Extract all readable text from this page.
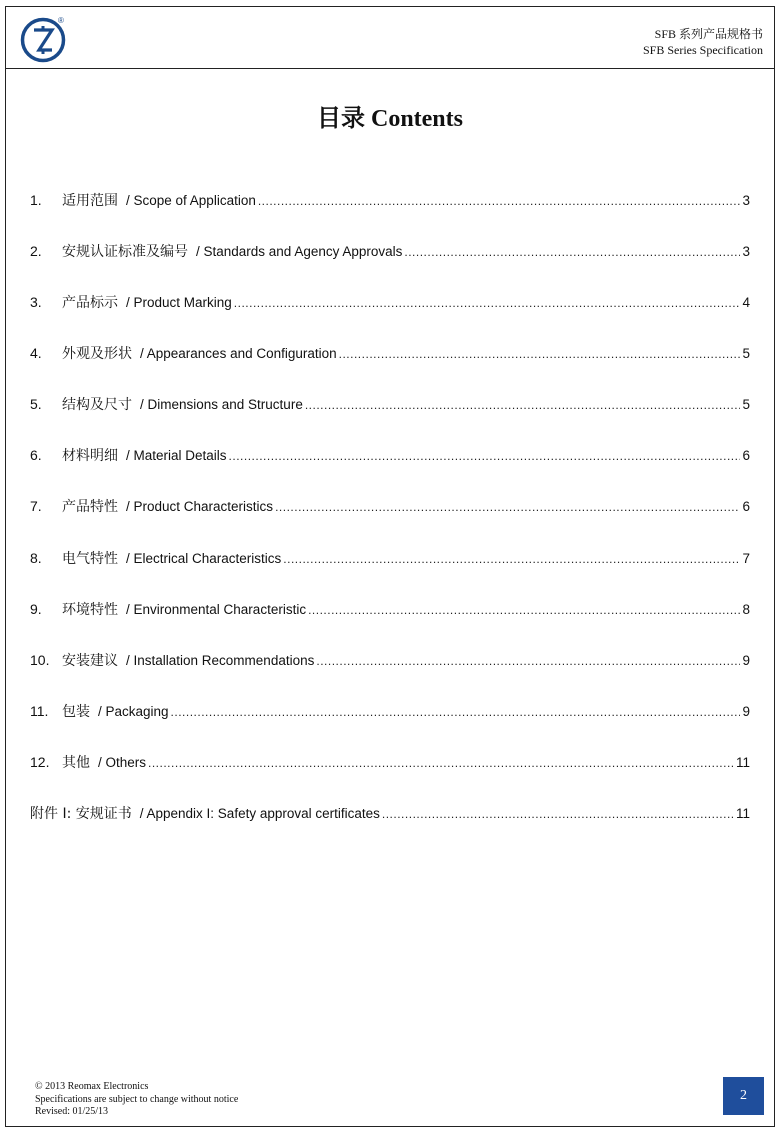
®
SFB 系列产品规格书
SFB Series Specification
目录 Contents
1.	适用范围 / Scope of Application .....	3
2.	安规认证标准及编号 / Standards and Agency Approvals .....	3
3.	产品标示 / Product Marking .....	4
4.	外观及形状 / Appearances and Configuration .....	5
5.	结构及尺寸 / Dimensions and Structure .....	5
6.	材料明细 / Material Details .....	6
7.	产品特性 / Product Characteristics .....	6
8.	电气特性 / Electrical Characteristics .....	7
9.	环境特性 / Environmental Characteristic .....	8
10. 安装建议 / Installation Recommendations .....	9
11. 包装 / Packaging .....	9
12. 其他 / Others .....	11
附件 I: 安规证书 / Appendix I: Safety approval certificates .....	11
© 2013 Reomax Electronics
Specifications are subject to change without notice
Revised: 01/25/13
2
